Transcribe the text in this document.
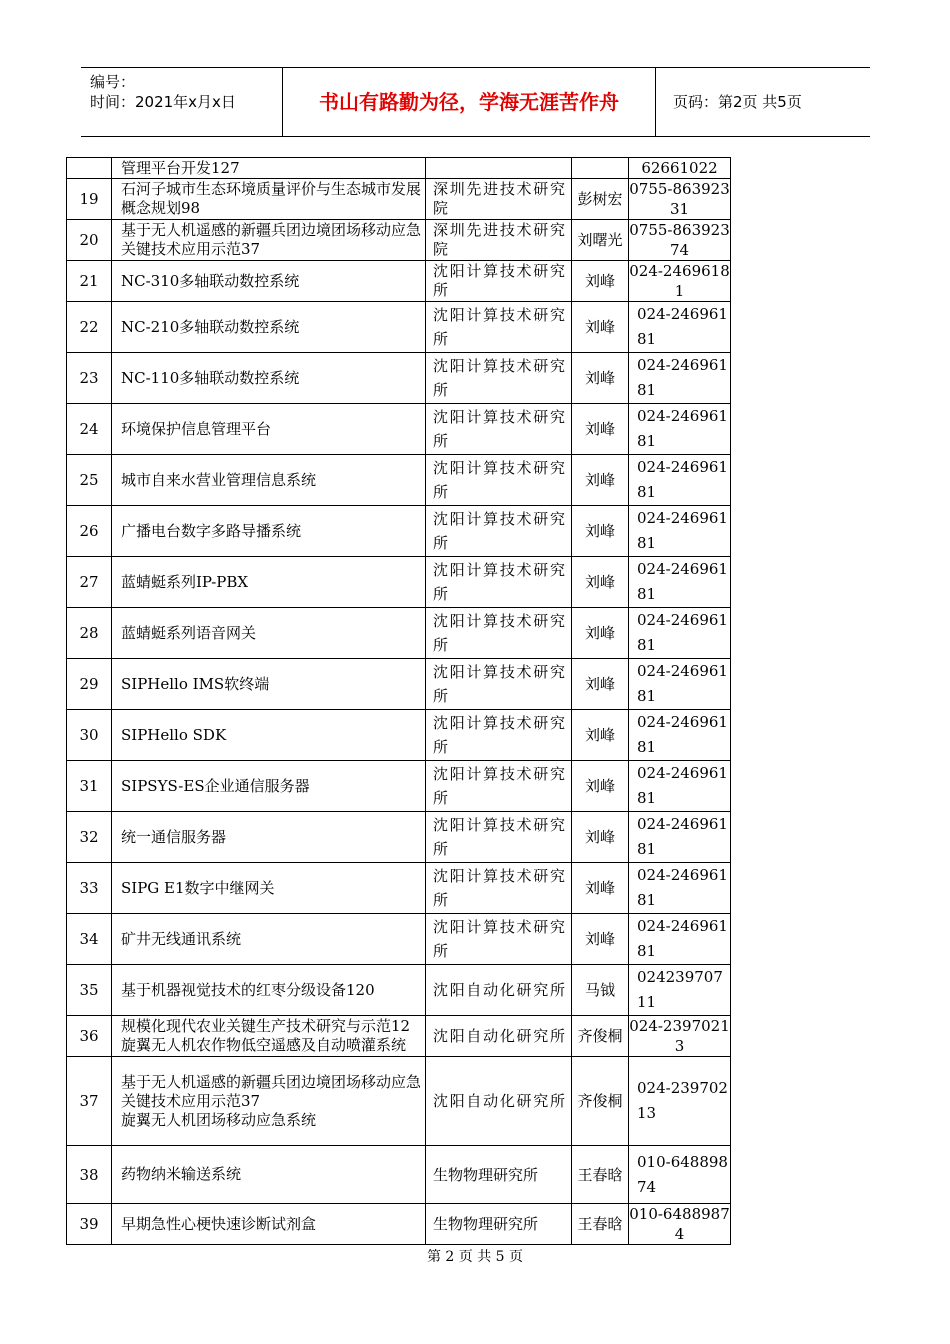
编号：
时间：2021年x月x日	书山有路勤为径，学海无涯苦作舟	页码：第2页 共5页
	管理平台开发127			62661022
19	石河子城市生态环境质量评价与生态城市发展概念规划98	深圳先进技术研究院	彭树宏	0755-86392331
20	基于无人机遥感的新疆兵团边境团场移动应急关键技术应用示范37	深圳先进技术研究院	刘曙光	0755-86392374
21	NC-310多轴联动数控系统	沈阳计算技术研究所	刘峰	024-24696181
22	NC-210多轴联动数控系统	沈阳计算技术研究所	刘峰	024-24696181
23	NC-110多轴联动数控系统	沈阳计算技术研究所	刘峰	024-24696181
24	环境保护信息管理平台	沈阳计算技术研究所	刘峰	024-24696181
25	城市自来水营业管理信息系统	沈阳计算技术研究所	刘峰	024-24696181
26	广播电台数字多路导播系统	沈阳计算技术研究所	刘峰	024-24696181
27	蓝蜻蜓系列IP-PBX	沈阳计算技术研究所	刘峰	024-24696181
28	蓝蜻蜓系列语音网关	沈阳计算技术研究所	刘峰	024-24696181
29	SIPHello IMS软终端	沈阳计算技术研究所	刘峰	024-24696181
30	SIPHello SDK	沈阳计算技术研究所	刘峰	024-24696181
31	SIPSYS-ES企业通信服务器	沈阳计算技术研究所	刘峰	024-24696181
32	统一通信服务器	沈阳计算技术研究所	刘峰	024-24696181
33	SIPG E1数字中继网关	沈阳计算技术研究所	刘峰	024-24696181
34	矿井无线通讯系统	沈阳计算技术研究所	刘峰	024-24696181
35	基于机器视觉技术的红枣分级设备120	沈阳自动化研究所	马钺	02423970711
36	规模化现代农业关键生产技术研究与示范12
旋翼无人机农作物低空遥感及自动喷灌系统	沈阳自动化研究所	齐俊桐	024-23970213
37	基于无人机遥感的新疆兵团边境团场移动应急关键技术应用示范37
旋翼无人机团场移动应急系统	沈阳自动化研究所	齐俊桐	024-23970213
38	药物纳米输送系统	生物物理研究所	王春晗	010-64889874
39	早期急性心梗快速诊断试剂盒	生物物理研究所	王春晗	010-64889874
第 2 页 共 5 页
